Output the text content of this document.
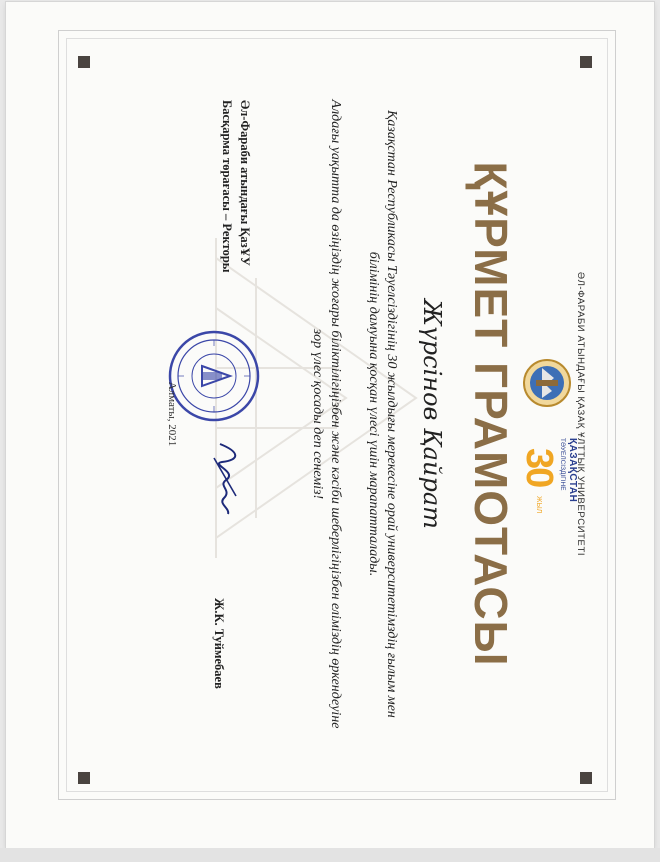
ӘЛ-ФАРАБИ АТЫНДАҒЫ ҚАЗАҚ ҰЛТТЫҚ УНИВЕРСИТЕТІ
ҚАЗАҚСТАН
ТӘУЕЛСІЗДІГІНЕ
30
ЖЫЛ
ҚҰРМЕТ ГРАМОТАСЫ
Жүрсінов Қайрат
Қазақстан Республикасы Тәуелсіздігінің 30 жылдығы мерекесіне орай университетімздің ғылым мен білімінің дамуына қосқан үлесі үшін марапатталады.
Алдағы уақытта да өзіңіздің жоғары біліктілігіңізбен және кәсіби шеберлігіңізбен еліміздің өркендеуіне зор үлес қосады деп сенеміз!
Әл-Фараби атындағы ҚазҰУ
Басқарма төрағасы – Ректоры
Ж.К. Туймебаев
Алматы, 2021
